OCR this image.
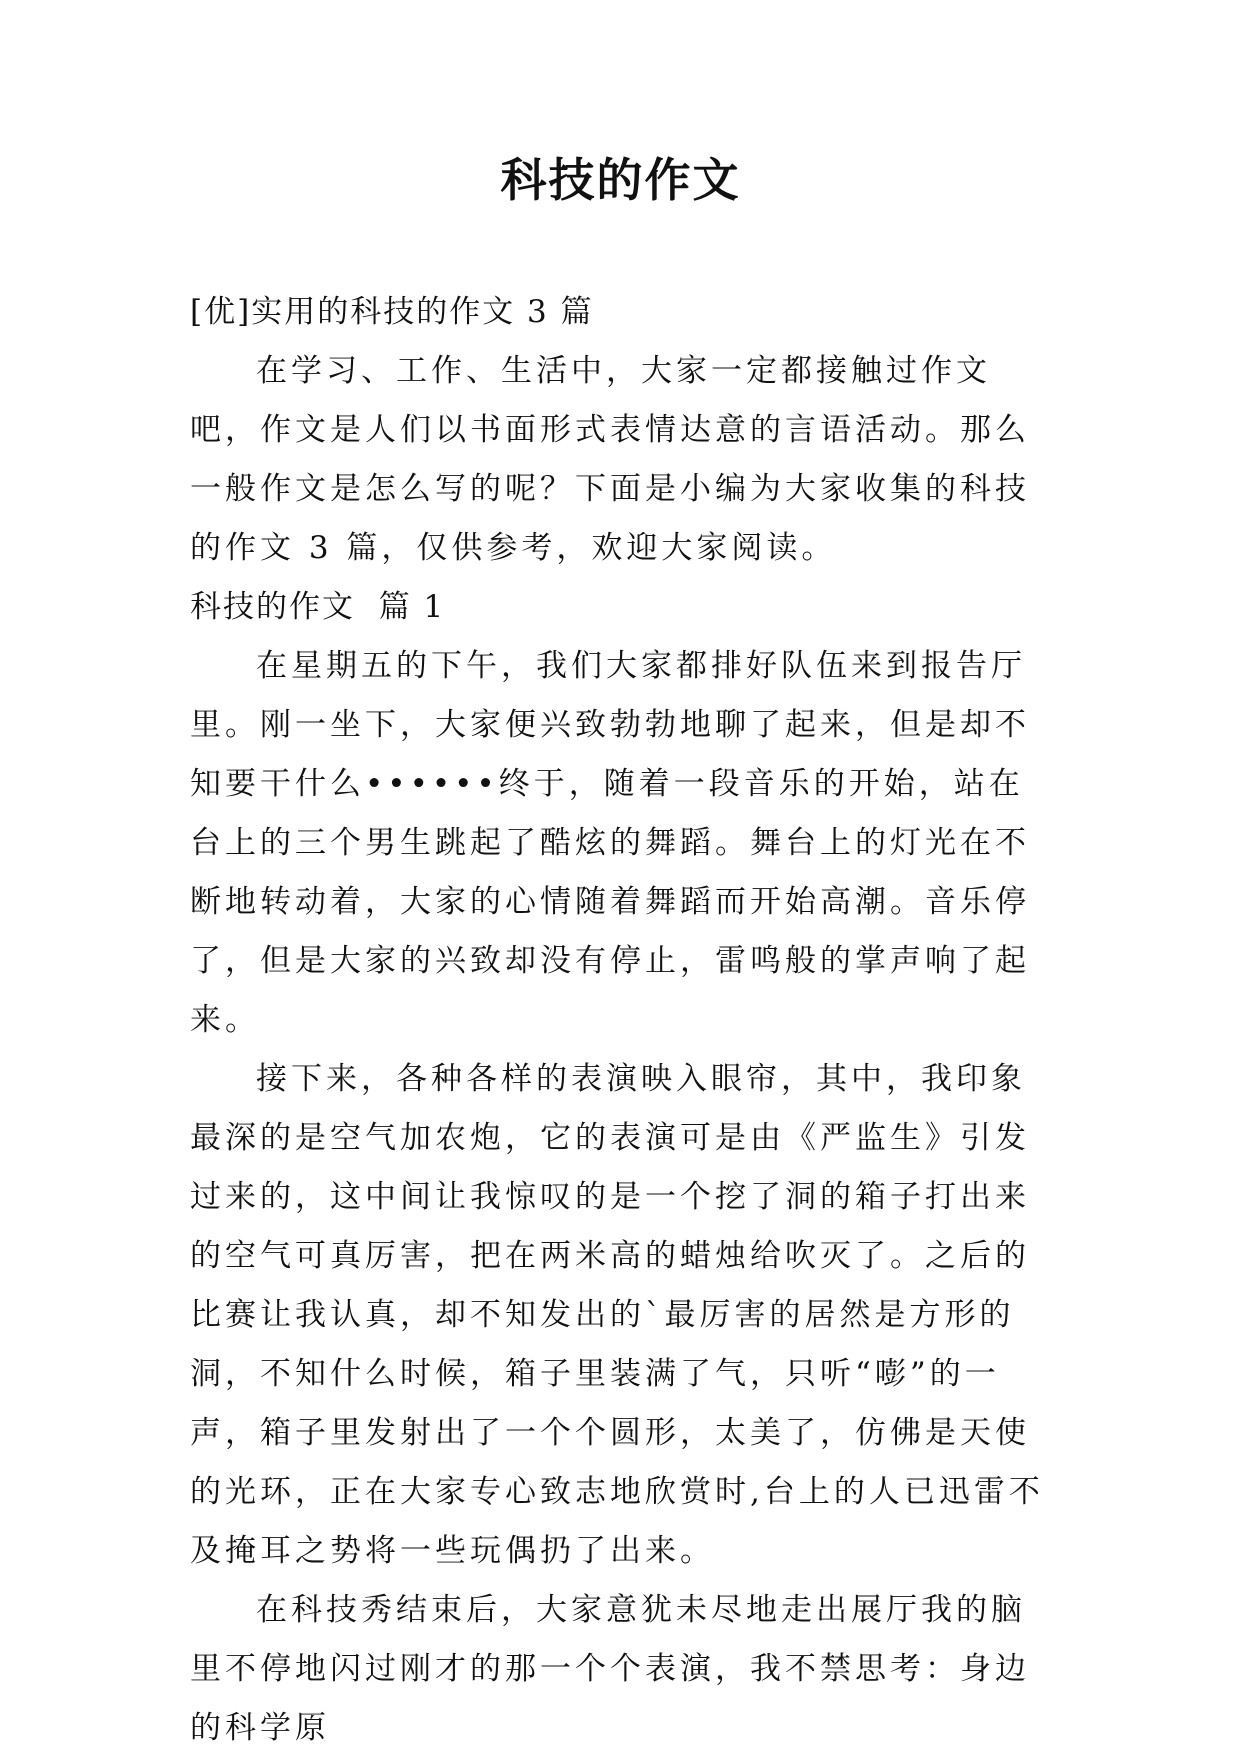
科技的作文

[优]实用的科技的作文 3 篇

在学习、工作、生活中，大家一定都接触过作文吧，作文是人们以书面形式表情达意的言语活动。那么一般作文是怎么写的呢？下面是小编为大家收集的科技的作文 3 篇，仅供参考，欢迎大家阅读。

科技的作文  篇 1

在星期五的下午，我们大家都排好队伍来到报告厅里。刚一坐下，大家便兴致勃勃地聊了起来，但是却不知要干什么••••••终于，随着一段音乐的开始，站在台上的三个男生跳起了酷炫的舞蹈。舞台上的灯光在不断地转动着，大家的心情随着舞蹈而开始高潮。音乐停了，但是大家的兴致却没有停止，雷鸣般的掌声响了起来。

接下来，各种各样的表演映入眼帘，其中，我印象最深的是空气加农炮，它的表演可是由《严监生》引发过来的，这中间让我惊叹的是一个挖了洞的箱子打出来的空气可真厉害，把在两米高的蜡烛给吹灭了。之后的比赛让我认真，却不知发出的`最厉害的居然是方形的洞，不知什么时候，箱子里装满了气，只听“嘭”的一声，箱子里发射出了一个个圆形，太美了，仿佛是天使的光环，正在大家专心致志地欣赏时,台上的人已迅雷不及掩耳之势将一些玩偶扔了出来。

在科技秀结束后，大家意犹未尽地走出展厅我的脑里不停地闪过刚才的那一个个表演，我不禁思考：身边的科学原
